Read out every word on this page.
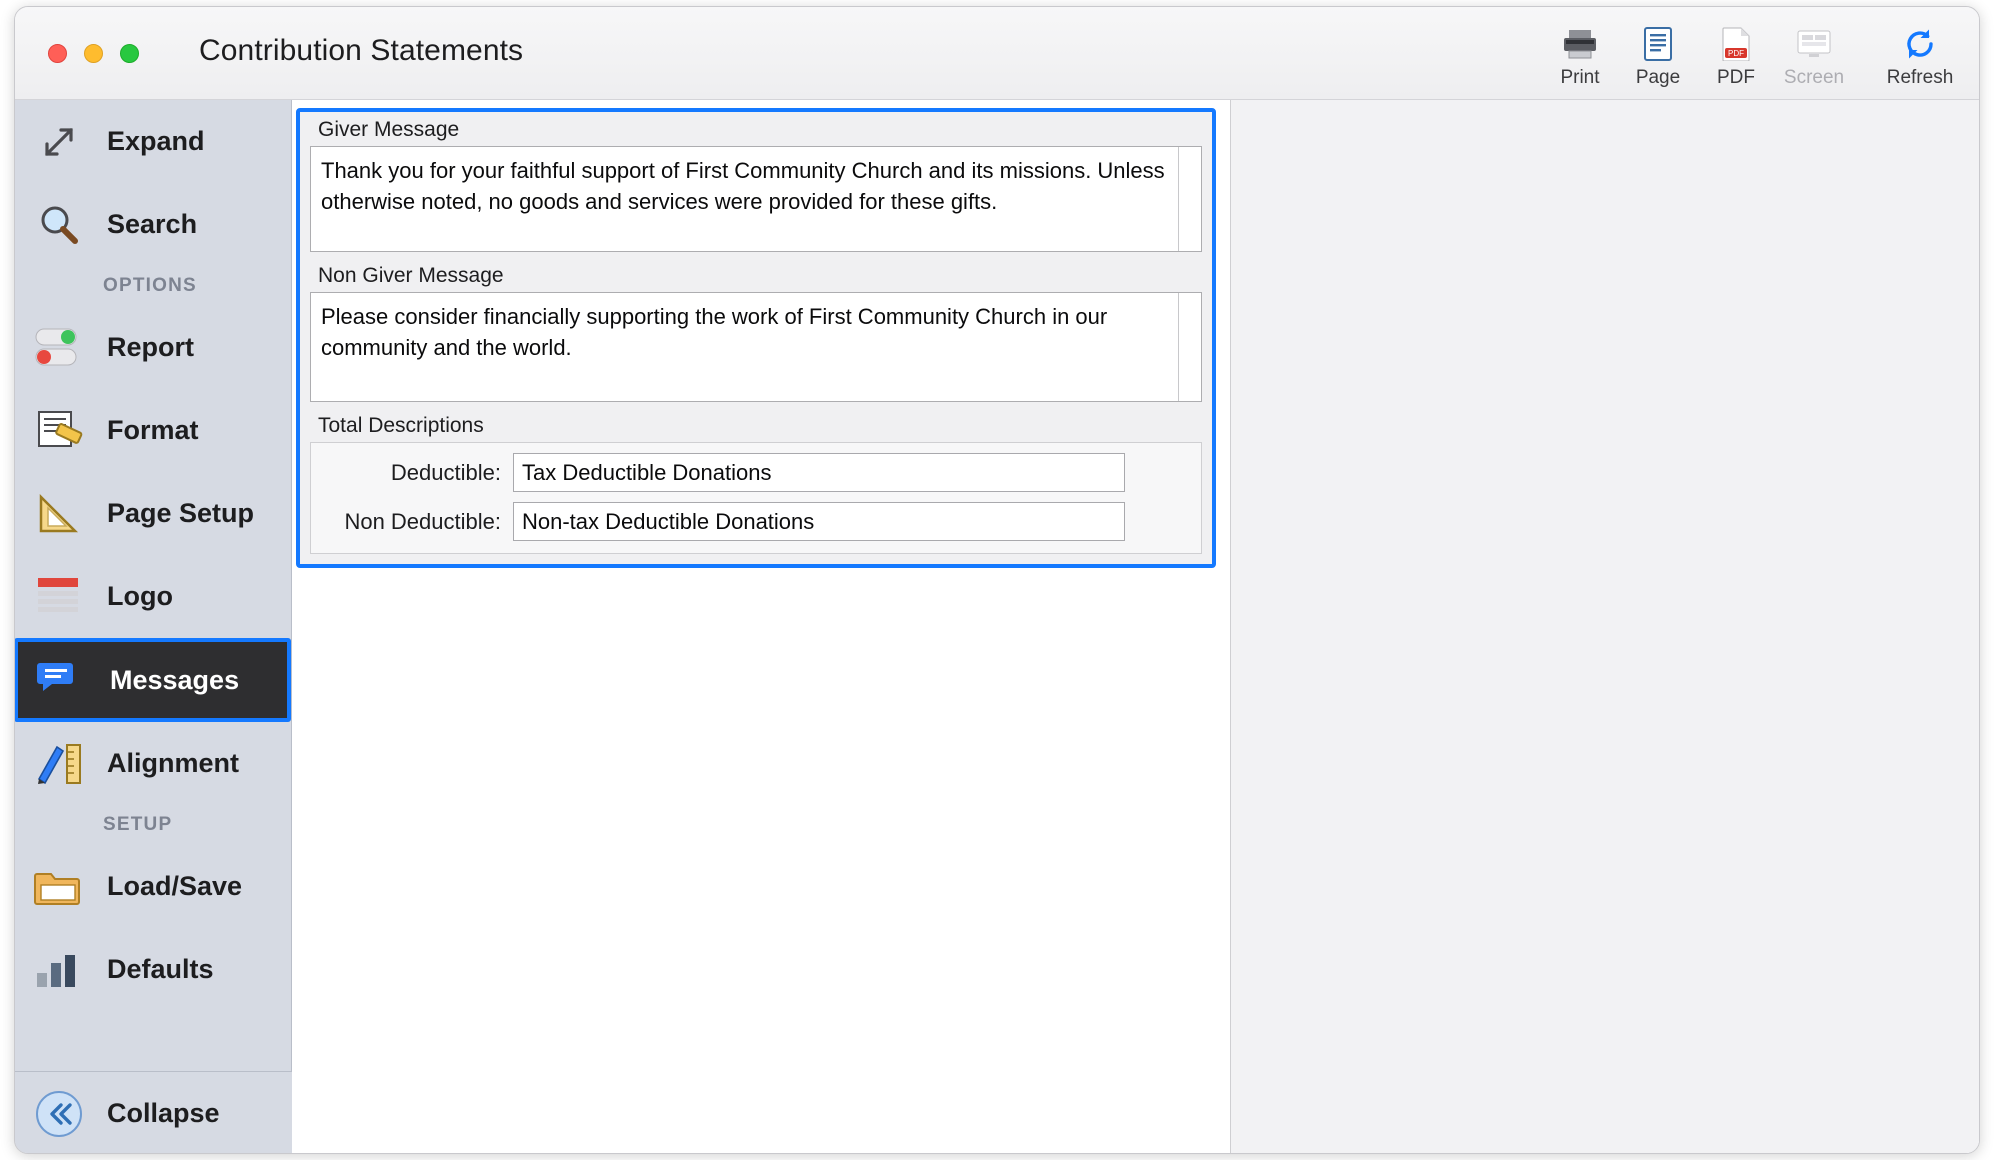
Contribution Statements
Print Page
PDF
PDF Screen Refresh
Expand
Search
OPTIONS
Report
Format
Page Setup
Logo
Messages
Alignment
SETUP
Load/Save
Defaults
Collapse
Giver Message
Thank you for your faithful support of First Community Church and its missions. Unless otherwise noted, no goods and services were provided for these gifts.
Non Giver Message
Please consider financially supporting the work of First Community Church in our community and the world.
Total Descriptions
Deductible: Tax Deductible Donations
Non Deductible: Non-tax Deductible Donations
